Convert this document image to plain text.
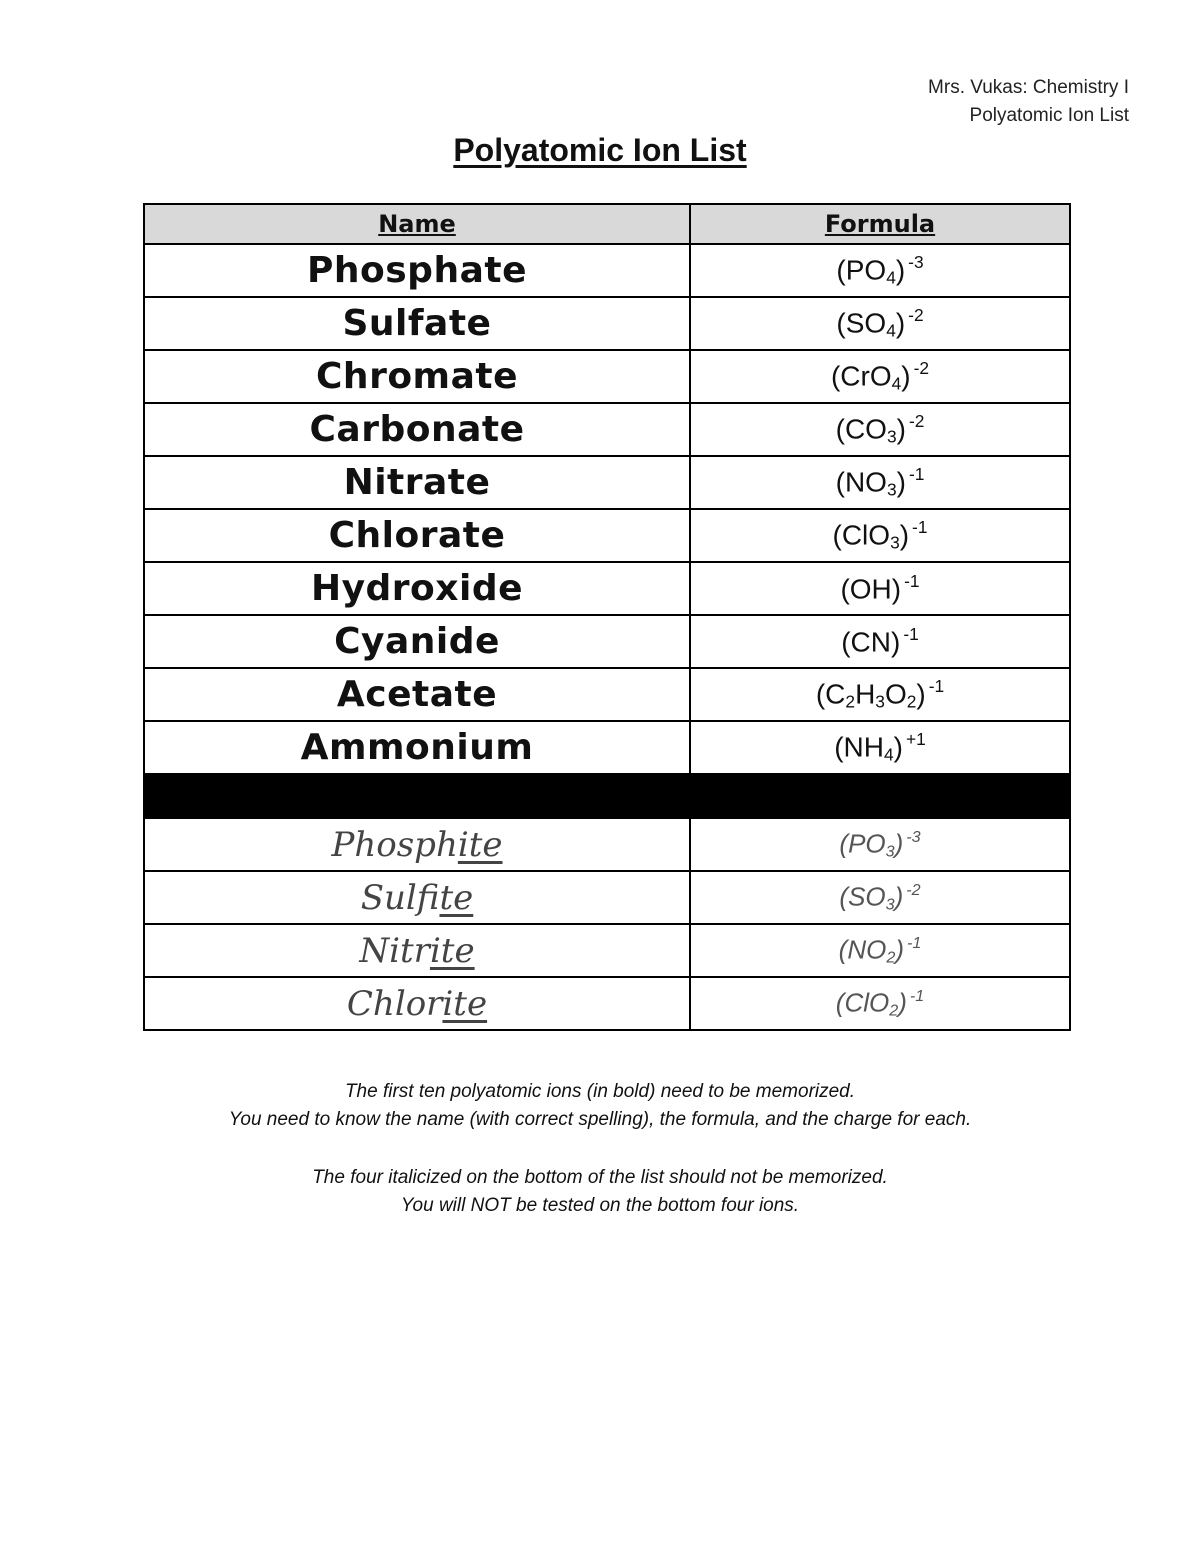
Mrs. Vukas: Chemistry I
Polyatomic Ion List
Polyatomic Ion List
Name	Formula
Phosphate	$(PO_4)$ $^{-3}$
Sulfate	$(SO_4)$ $^{-2}$
Chromate	(CrO$_4$) $^{-2}$
Carbonate	$(CO_3)$ $^{-2}$
Nitrate	$(NO_3)$ $^{-1}$
Chlorate	(ClO$_3$) $^{-1}$
Hydroxide	(OH) $^{-1}$
Cyanide	(CN) $^{-1}$
Acetate	$(C_2H_3O_2)$ $^{-1}$
Ammonium	$(NH_4)$ $^{+1}$

Phosphite	$(PO_3)$ $^{-3}$
Sulfite	$(SO_3)$ $^{-2}$
Nitrite	$(NO_2)$ $^{-1}$
Chlorite	(ClO$_2$) $^{-1}$

The first ten polyatomic ions (in bold) need to be memorized.

You need to know the name (with correct spelling), the formula, and the charge for each.

The four italicized on the bottom of the list should not be memorized.

You will NOT be tested on the bottom four ions.
